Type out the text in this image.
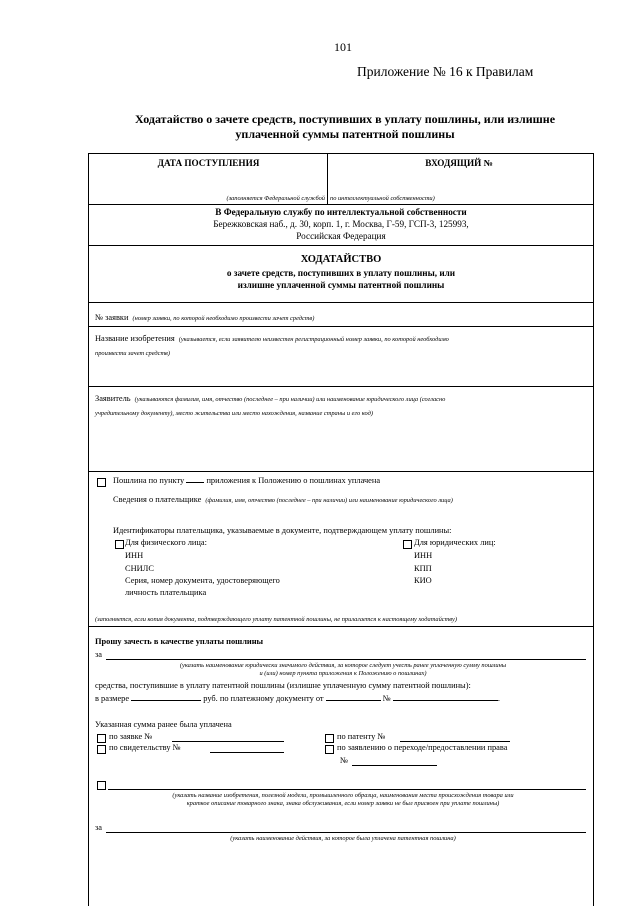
101
Приложение № 16 к Правилам
Ходатайство о зачете средств, поступивших в уплату пошлины, или излишне
уплаченной суммы патентной пошлины
ДАТА ПОСТУПЛЕНИЯ	ВХОДЯЩИЙ №
(заполняется Федеральной службой по интеллектуальной собственности)
В Федеральную службу по интеллектуальной собственности
Бережковская наб., д. 30, корп. 1, г. Москва, Г-59, ГСП-3, 125993,
Российская Федерация
ХОДАТАЙСТВО
о зачете средств, поступивших в уплату пошлины, или
излишне уплаченной суммы патентной пошлины
№ заявки (номер заявки, по которой необходимо произвести зачет средств)
Название изобретения (указывается, если заявителю неизвестен регистрационный номер заявки, по которой необходимо
произвести зачет средств)
Заявитель (указываются фамилия, имя, отчество (последнее – при наличии) или наименование юридического лица (согласно
учредительному документу), место жительства или место нахождения, название страны и его код)
Пошлина по пункту	приложения к Положению о пошлинах уплачена
Сведения о плательщике (фамилия, имя, отчество (последнее – при наличии) или наименование юридического лица)
Идентификаторы плательщика, указываемые в документе, подтверждающем уплату пошлины:
Для физического лица:
ИНН
СНИЛС
Серия, номер документа, удостоверяющего
личность плательщика
Для юридических лиц:
ИНН
КПП
КИО
(заполняется, если копия документа, подтверждающего уплату патентной пошлины, не прилагается к настоящему ходатайству)
Прошу зачесть в качестве уплаты пошлины
за
(указать наименование юридически значимого действия, за которое следует учесть ранее уплаченную сумму пошлины
и (или) номер пункта приложения к Положению о пошлинах)
средства, поступившие в уплату патентной пошлины (излишне уплаченную сумму патентной пошлины):
в размере	руб. по платежному документу от	№	.
Указанная сумма ранее была уплачена
по заявке №
по свидетельству №
по патенту №
по заявлению о переходе/предоставлении права
№
(указать название изобретения, полезной модели, промышленного образца, наименования места происхождения товара или
краткое описание товарного знака, знака обслуживания, если номер заявки не был присвоен при уплате пошлины)
за
(указать наименование действия, за которое была уплачена патентная пошлина)
